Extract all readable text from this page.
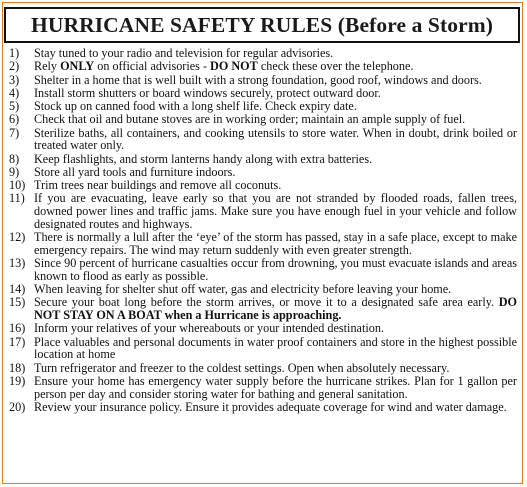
HURRICANE SAFETY RULES (Before a Storm)
1)	Stay tuned to your radio and television for regular advisories.
2)	Rely ONLY on official advisories - DO NOT check these over the telephone.
3)	Shelter in a home that is well built with a strong foundation, good roof, windows and doors.
4)	Install storm shutters or board windows securely, protect outward door.
5)	Stock up on canned food with a long shelf life. Check expiry date.
6)	Check that oil and butane stoves are in working order; maintain an ample supply of fuel.
7)	Sterilize baths, all containers, and cooking utensils to store water. When in doubt, drink boiled or treated water only.
8)	Keep flashlights, and storm lanterns handy along with extra batteries.
9)	Store all yard tools and furniture indoors.
10) Trim trees near buildings and remove all coconuts.
11) If you are evacuating, leave early so that you are not stranded by flooded roads, fallen trees, downed power lines and traffic jams. Make sure you have enough fuel in your vehicle and follow designated routes and highways.
12) There is normally a lull after the ‘eye’ of the storm has passed, stay in a safe place, except to make emergency repairs. The wind may return suddenly with even greater strength.
13) Since 90 percent of hurricane casualties occur from drowning, you must evacuate islands and areas known to flood as early as possible.
14) When leaving for shelter shut off water, gas and electricity before leaving your home.
15) Secure your boat long before the storm arrives, or move it to a designated safe area early. DO NOT STAY ON A BOAT when a Hurricane is approaching.
16) Inform your relatives of your whereabouts or your intended destination.
17) Place valuables and personal documents in water proof containers and store in the highest possible location at home
18) Turn refrigerator and freezer to the coldest settings. Open when absolutely necessary.
19) Ensure your home has emergency water supply before the hurricane strikes. Plan for 1 gallon per person per day and consider storing water for bathing and general sanitation.
20) Review your insurance policy. Ensure it provides adequate coverage for wind and water damage.
